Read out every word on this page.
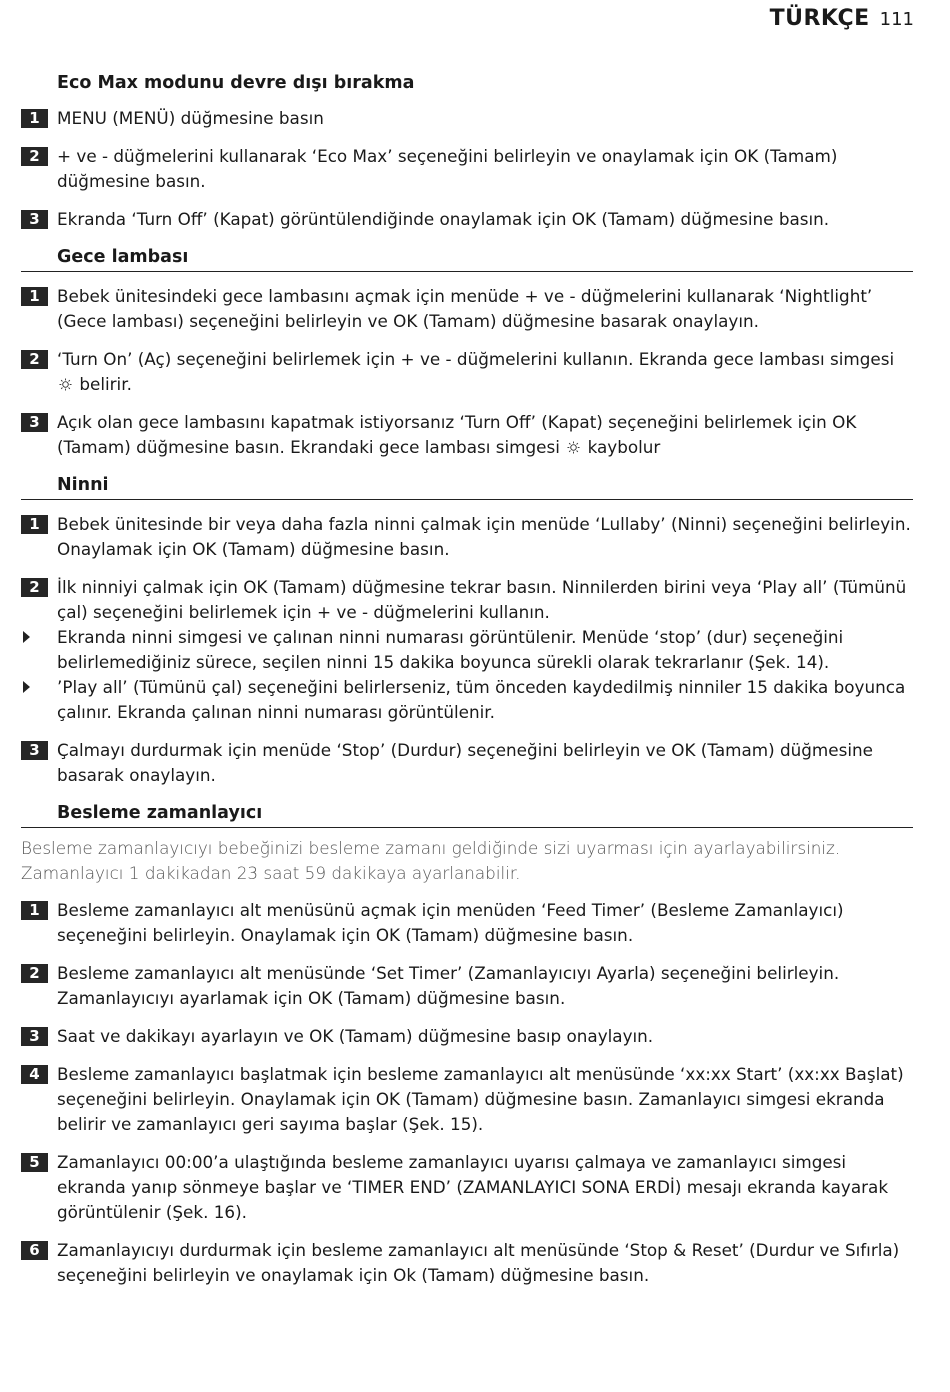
TÜRKÇE 111
Eco Max modunu devre dışı bırakma
1	MENU (MENÜ) düğmesine basın
2	+ ve - düğmelerini kullanarak ‘Eco Max’ seçeneğini belirleyin ve onaylamak için OK (Tamam) düğmesine basın.
3	Ekranda ‘Turn Off’ (Kapat) görüntülendiğinde onaylamak için OK (Tamam) düğmesine basın.
Gece lambası
1	Bebek ünitesindeki gece lambasını açmak için menüde + ve - düğmelerini kullanarak ‘Nightlight’ (Gece lambası) seçeneğini belirleyin ve OK (Tamam) düğmesine basarak onaylayın.
2	‘Turn On’ (Aç) seçeneğini belirlemek için + ve - düğmelerini kullanın. Ekranda gece lambası simgesi  belirir.
3	Açık olan gece lambasını kapatmak istiyorsanız ‘Turn Off’ (Kapat) seçeneğini belirlemek için OK (Tamam) düğmesine basın. Ekrandaki gece lambası simgesi kaybolur
Ninni
1	Bebek ünitesinde bir veya daha fazla ninni çalmak için menüde ‘Lullaby’ (Ninni) seçeneğini belirleyin. Onaylamak için OK (Tamam) düğmesine basın.
2	İlk ninniyi çalmak için OK (Tamam) düğmesine tekrar basın. Ninnilerden birini veya ‘Play all’ (Tümünü çal) seçeneğini belirlemek için + ve - düğmelerini kullanın.
Ekranda ninni simgesi ve çalınan ninni numarası görüntülenir. Menüde ‘stop’ (dur) seçeneğini belirlemediğiniz sürece, seçilen ninni 15 dakika boyunca sürekli olarak tekrarlanır (Şek. 14).
’Play all’ (Tümünü çal) seçeneğini belirlerseniz, tüm önceden kaydedilmiş ninniler 15 dakika boyunca çalınır. Ekranda çalınan ninni numarası görüntülenir.
3	Çalmayı durdurmak için menüde ‘Stop’ (Durdur) seçeneğini belirleyin ve OK (Tamam) düğmesine basarak onaylayın.
Besleme zamanlayıcı
Besleme zamanlayıcıyı bebeğinizi besleme zamanı geldiğinde sizi uyarması için ayarlayabilirsiniz. Zamanlayıcı 1 dakikadan 23 saat 59 dakikaya ayarlanabilir.
1	Besleme zamanlayıcı alt menüsünü açmak için menüden ‘Feed Timer’ (Besleme Zamanlayıcı) seçeneğini belirleyin. Onaylamak için OK (Tamam) düğmesine basın.
2	Besleme zamanlayıcı alt menüsünde ‘Set Timer’ (Zamanlayıcıyı Ayarla) seçeneğini belirleyin. Zamanlayıcıyı ayarlamak için OK (Tamam) düğmesine basın.
3	Saat ve dakikayı ayarlayın ve OK (Tamam) düğmesine basıp onaylayın.
4	Besleme zamanlayıcı başlatmak için besleme zamanlayıcı alt menüsünde ‘xx:xx Start’ (xx:xx Başlat) seçeneğini belirleyin. Onaylamak için OK (Tamam) düğmesine basın. Zamanlayıcı simgesi ekranda belirir ve zamanlayıcı geri sayıma başlar (Şek. 15).
5	Zamanlayıcı 00:00’a ulaştığında besleme zamanlayıcı uyarısı çalmaya ve zamanlayıcı simgesi ekranda yanıp sönmeye başlar ve ‘TIMER END’ (ZAMANLAYICI SONA ERDİ) mesajı ekranda kayarak görüntülenir (Şek. 16).
6	Zamanlayıcıyı durdurmak için besleme zamanlayıcı alt menüsünde ‘Stop & Reset’ (Durdur ve Sıfırla) seçeneğini belirleyin ve onaylamak için Ok (Tamam) düğmesine basın.
